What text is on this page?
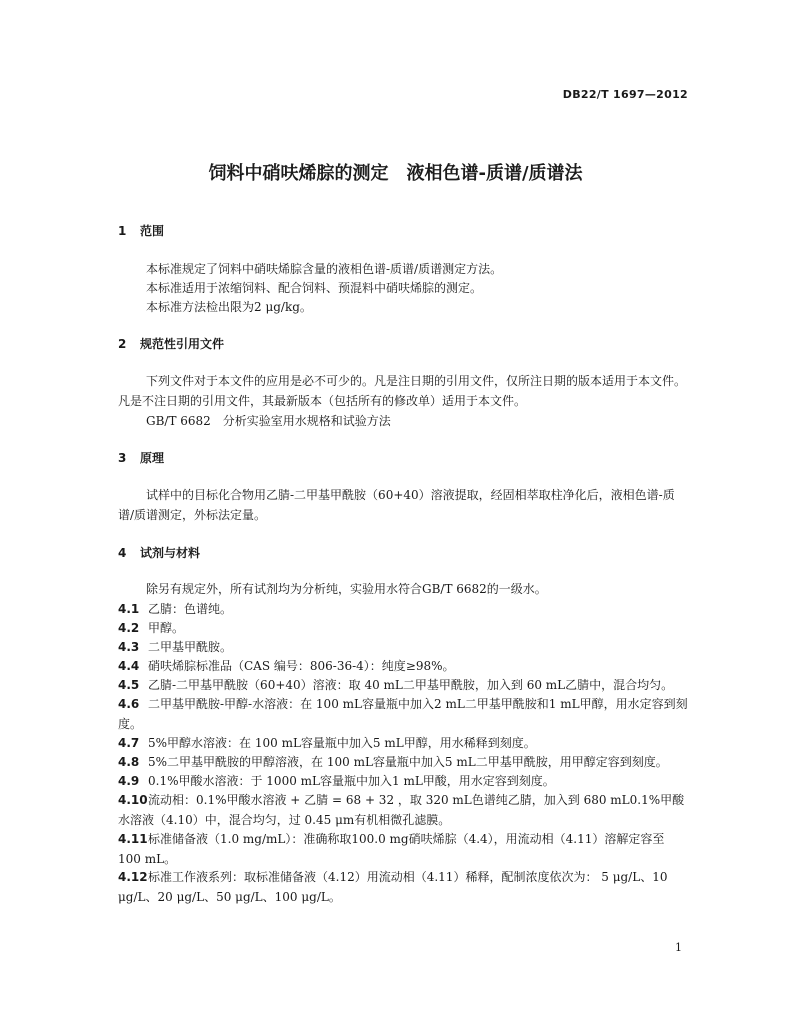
DB22/T 1697—2012
饲料中硝呋烯腙的测定　液相色谱-质谱/质谱法
1 范围
本标准规定了饲料中硝呋烯腙含量的液相色谱-质谱/质谱测定方法。
本标准适用于浓缩饲料、配合饲料、预混料中硝呋烯腙的测定。
本标准方法检出限为2 μg/kg。
2 规范性引用文件
下列文件对于本文件的应用是必不可少的。凡是注日期的引用文件，仅所注日期的版本适用于本文件。凡是不注日期的引用文件，其最新版本（包括所有的修改单）适用于本文件。
GB/T 6682　分析实验室用水规格和试验方法
3 原理
试样中的目标化合物用乙腈-二甲基甲酰胺（60+40）溶液提取，经固相萃取柱净化后，液相色谱-质谱/质谱测定，外标法定量。
4 试剂与材料
除另有规定外，所有试剂均为分析纯，实验用水符合GB/T 6682的一级水。
4.1 乙腈：色谱纯。
4.2 甲醇。
4.3 二甲基甲酰胺。
4.4 硝呋烯腙标准品（CAS 编号：806-36-4）：纯度≥98%。
4.5 乙腈-二甲基甲酰胺（60+40）溶液：取 40 mL二甲基甲酰胺，加入到 60 mL乙腈中，混合均匀。
4.6 二甲基甲酰胺-甲醇-水溶液：在 100 mL容量瓶中加入2 mL二甲基甲酰胺和1 mL甲醇，用水定容到刻度。
4.7 5%甲醇水溶液：在 100 mL容量瓶中加入5 mL甲醇，用水稀释到刻度。
4.8 5%二甲基甲酰胺的甲醇溶液，在 100 mL容量瓶中加入5 mL二甲基甲酰胺，用甲醇定容到刻度。
4.9 0.1%甲酸水溶液：于 1000 mL容量瓶中加入1 mL甲酸，用水定容到刻度。
4.10流动相：0.1%甲酸水溶液 + 乙腈 = 68 + 32 ，取 320 mL色谱纯乙腈，加入到 680 mL0.1%甲酸水溶液（4.10）中，混合均匀，过 0.45 μm有机相微孔滤膜。
4.11标准储备液（1.0 mg/mL）：准确称取100.0 mg硝呋烯腙（4.4），用流动相（4.11）溶解定容至 100 mL。
4.12标准工作液系列：取标准储备液（4.12）用流动相（4.11）稀释，配制浓度依次为： 5 μg/L、10 μg/L、20 μg/L、50 μg/L、100 μg/L。
1
